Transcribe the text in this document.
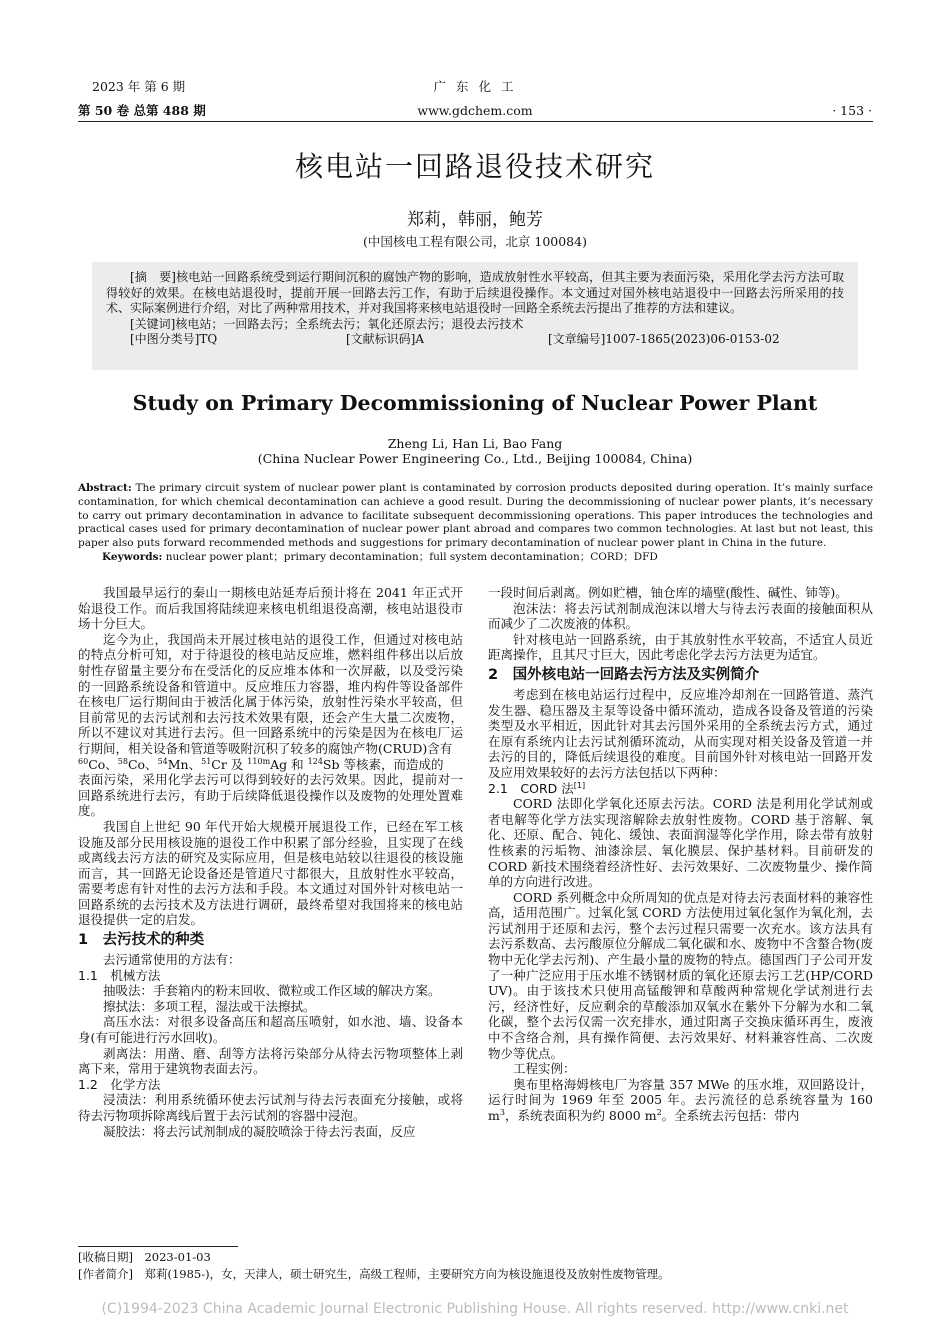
2023 年 第 6 期
第 50 卷 总第 488 期
广 东 化 工
www.gdchem.com	· 153 ·
核电站一回路退役技术研究
郑莉，韩丽，鲍芳
(中国核电工程有限公司，北京 100084)

[摘　要]核电站一回路系统受到运行期间沉积的腐蚀产物的影响，造成放射性水平较高，但其主要为表面污染，采用化学去污方法可取得较好的效果。在核电站退役时，提前开展一回路去污工作，有助于后续退役操作。本文通过对国外核电站退役中一回路去污所采用的技术、实际案例进行介绍，对比了两种常用技术，并对我国将来核电站退役时一回路全系统去污提出了推荐的方法和建议。

[关键词]核电站；一回路去污；全系统去污；氧化还原去污；退役去污技术

[中图分类号]TQ	[文献标识码]A	[文章编号]1007-1865(2023)06-0153-02
Study on Primary Decommissioning of Nuclear Power Plant
Zheng Li, Han Li, Bao Fang
(China Nuclear Power Engineering Co., Ltd., Beijing 100084, China)

Abstract: The primary circuit system of nuclear power plant is contaminated by corrosion products deposited during operation. It’s mainly surface contamination, for which chemical decontamination can achieve a good result. During the decommissioning of nuclear power plants, it’s necessary to carry out primary decontamination in advance to facilitate subsequent decommissioning operations. This paper introduces the technologies and practical cases used for primary decontamination of nuclear power plant abroad and compares two common technologies. At last but not least, this paper also puts forward recommended methods and suggestions for primary decontamination of nuclear power plant in China in the future.

Keywords: nuclear power plant；primary decontamination；full system decontamination；CORD；DFD

我国最早运行的秦山一期核电站延寿后预计将在 2041 年正式开始退役工作。而后我国将陆续迎来核电机组退役高潮，核电站退役市场十分巨大。

迄今为止，我国尚未开展过核电站的退役工作，但通过对核电站的特点分析可知，对于待退役的核电站反应堆，燃料组件移出以后放射性存留量主要分布在受活化的反应堆本体和一次屏蔽，以及受污染的一回路系统设备和管道中。反应堆压力容器，堆内构件等设备部件在核电厂运行期间由于被活化属于体污染，放射性污染水平较高，但目前常见的去污试剂和去污技术效果有限，还会产生大量二次废物，所以不建议对其进行去污。但一回路系统中的污染是因为在核电厂运行期间，相关设备和管道等吸附沉积了较多的腐蚀产物(CRUD)含有

$^{60}$Co、$^{58}$Co、$^{54}$Mn、$^{51}$Cr 及 $^{110m}$Ag 和 $^{124}$Sb 等核素，而造成的

表面污染，采用化学去污可以得到较好的去污效果。因此，提前对一回路系统进行去污，有助于后续降低退役操作以及废物的处理处置难度。

我国自上世纪 90 年代开始大规模开展退役工作，已经在军工核设施及部分民用核设施的退役工作中积累了部分经验，且实现了在线或离线去污方法的研究及实际应用，但是核电站较以往退役的核设施而言，其一回路无论设备还是管道尺寸都很大，且放射性水平较高，需要考虑有针对性的去污方法和手段。本文通过对国外针对核电站一回路系统的去污技术及方法进行调研，最终希望对我国将来的核电站退役提供一定的启发。

1　去污技术的种类

去污通常使用的方法有：

1.1　机械方法

抽吸法：手套箱内的粉末回收、微粒或工作区域的解决方案。

擦拭法：多项工程，湿法或干法擦拭。

高压水法：对很多设备高压和超高压喷射，如水池、墙、设备本身(有可能进行污水回收)。

剥离法：用凿、磨、刮等方法将污染部分从待去污物项整体上剥离下来，常用于建筑物表面去污。

1.2　化学方法

浸渍法：利用系统循环使去污试剂与待去污表面充分接触，或将待去污物项拆除离线后置于去污试剂的容器中浸泡。

凝胶法：将去污试剂制成的凝胶喷涂于待去污表面，反应

一段时间后剥离。例如贮槽，铀仓库的墙壁(酸性、碱性、铈等)。

泡沫法：将去污试剂制成泡沫以增大与待去污表面的接触面积从而减少了二次废液的体积。

针对核电站一回路系统，由于其放射性水平较高，不适宜人员近距离操作，且其尺寸巨大，因此考虑化学去污方法更为适宜。

2　国外核电站一回路去污方法及实例简介

考虑到在核电站运行过程中，反应堆冷却剂在一回路管道、蒸汽发生器、稳压器及主泵等设备中循环流动，造成各设备及管道的污染类型及水平相近，因此针对其去污国外采用的全系统去污方式，通过在原有系统内让去污试剂循环流动，从而实现对相关设备及管道一并去污的目的，降低后续退役的难度。目前国外针对核电站一回路开发及应用效果较好的去污方法包括以下两种：

2.1　CORD 法[1]

CORD 法即化学氧化还原去污法。CORD 法是利用化学试剂或者电解等化学方法实现溶解除去放射性废物。CORD 基于溶解、氧化、还原、配合、钝化、缓蚀、表面润湿等化学作用，除去带有放射性核素的污垢物、油漆涂层、氧化膜层、保护基材料。目前研发的 CORD 新技术围绕着经济性好、去污效果好、二次废物量少、操作简单的方向进行改进。

CORD 系列概念中众所周知的优点是对待去污表面材料的兼容性高，适用范围广。过氧化氢 CORD 方法使用过氧化氢作为氧化剂，去污试剂用于还原和去污，整个去污过程只需要一次充水。该方法具有去污系数高、去污酸原位分解成二氧化碳和水、废物中不含螯合物(废物中无化学去污剂)、产生最小量的废物的特点。德国西门子公司开发了一种广泛应用于压水堆不锈钢材质的氧化还原去污工艺(HP/CORD UV)。由于该技术只使用高锰酸钾和草酸两种常规化学试剂进行去污，经济性好，反应剩余的草酸添加双氧水在紫外下分解为水和二氧化碳，整个去污仅需一次充排水，通过阳离子交换床循环再生，废液中不含络合剂，具有操作简便、去污效果好、材料兼容性高、二次废物少等优点。

工程实例：

奥布里格海姆核电厂为容量 357 MWe 的压水堆，双回路设计，运行时间为 1969 年至 2005 年。去污流径的总系统容量为 160 $m^3$，系统表面积为约 8000 $m^2$。全系统去污包括：带内

[收稿日期]　 2023-01-03
[作者简介]　 郑莉(1985-)，女，天津人，硕士研究生，高级工程师，主要研究方向为核设施退役及放射性废物管理。
(C)1994-2023 China Academic Journal Electronic Publishing House. All rights reserved. http://www.cnki.net
